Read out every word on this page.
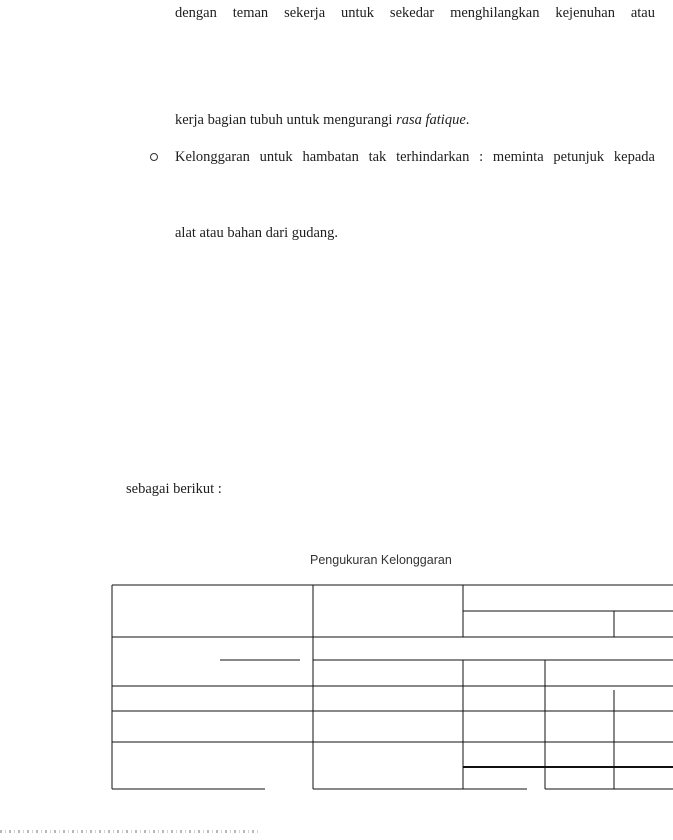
dengan teman sekerja untuk sekedar menghilangkan kejenuhan atau
kerja bagian tubuh untuk mengurangi rasa fatique.
Kelonggaran untuk hambatan tak terhindarkan : meminta petunjuk kepada
alat atau bahan dari gudang.
sebagai berikut :
Pengukuran Kelonggaran
